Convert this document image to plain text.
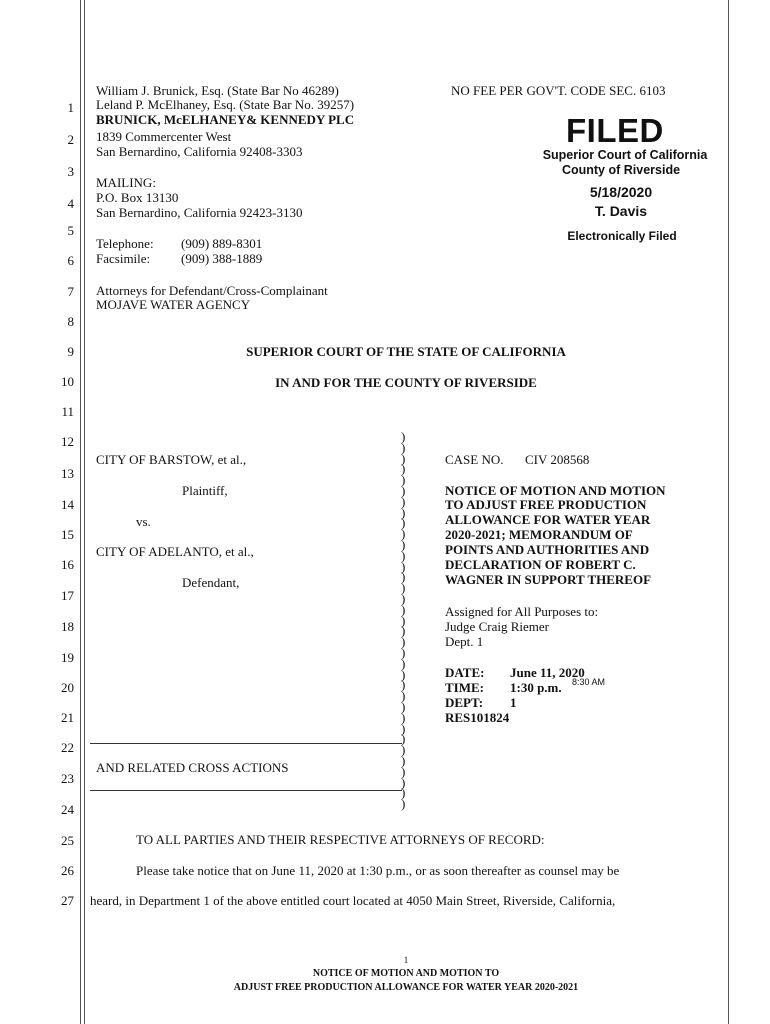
1
2
3
4
5
6
7
8
9
10
11
12
13
14
15
16
17
18
19
20
21
22
23
24
25
26
27
William J. Brunick, Esq. (State Bar No 46289)
Leland P. McElhaney, Esq. (State Bar No. 39257)
BRUNICK, McELHANEY& KENNEDY PLC
1839 Commercenter West
San Bernardino, California 92408-3303
MAILING:
P.O. Box 13130
San Bernardino, California 92423-3130
Telephone: (909) 889-8301
Facsimile: (909) 388-1889
Attorneys for Defendant/Cross-Complainant
MOJAVE WATER AGENCY
NO FEE PER GOV'T. CODE SEC. 6103
FILED
Superior Court of California
County of Riverside
5/18/2020
T. Davis
Electronically Filed
SUPERIOR COURT OF THE STATE OF CALIFORNIA
IN AND FOR THE COUNTY OF RIVERSIDE
CITY OF BARSTOW, et al.,
Plaintiff,
vs.
CITY OF ADELANTO, et al.,
Defendant,
AND RELATED CROSS ACTIONS
)
)
)
)
)
)
)
)
)
)
)
)
)
)
)
)
)
)
)
)
)
)
)
)
)
)
)
)
)
)
)
)
)
)
)
CASE NO. CIV 208568
NOTICE OF MOTION AND MOTION
TO ADJUST FREE PRODUCTION
ALLOWANCE FOR WATER YEAR
2020-2021; MEMORANDUM OF
POINTS AND AUTHORITIES AND
DECLARATION OF ROBERT C.
WAGNER IN SUPPORT THEREOF
Assigned for All Purposes to:
Judge Craig Riemer
Dept. 1
DATE: June 11, 2020
TIME: 1:30 p.m. 8:30 AM
DEPT: 1
RES101824
TO ALL PARTIES AND THEIR RESPECTIVE ATTORNEYS OF RECORD:
Please take notice that on June 11, 2020 at 1:30 p.m., or as soon thereafter as counsel may be
heard, in Department 1 of the above entitled court located at 4050 Main Street, Riverside, California,
1
NOTICE OF MOTION AND MOTION TO
ADJUST FREE PRODUCTION ALLOWANCE FOR WATER YEAR 2020-2021
